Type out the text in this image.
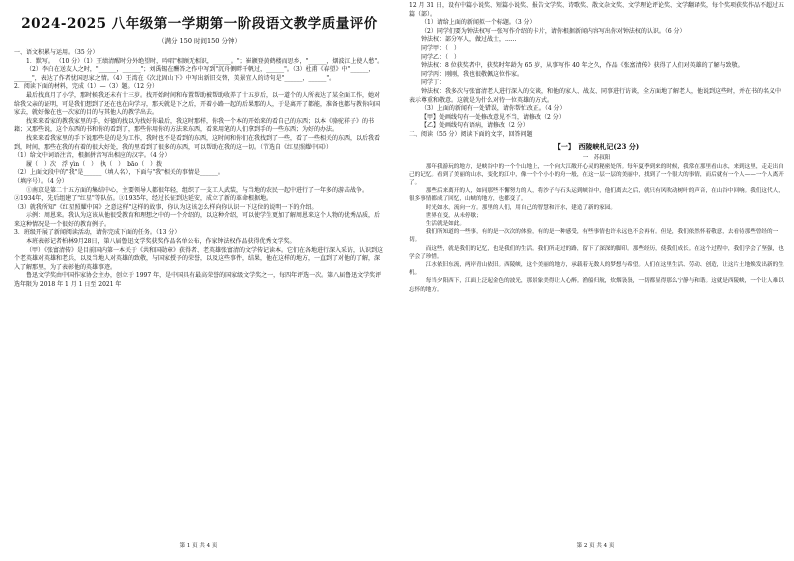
2024-2025 八年级第一学期第一阶段语文教学质量评价
（满分 150 时间150 分钟）

一、语文积累与运用。（35 分）

1．默写。 （10 分）（1）王绩清醒时分外绝望时，吟唱"相顾无相识，______。"；崔颢登黄鹤楼而思乡，"______，烟波江上使人愁"。

（2）李白在送友人之时，"______，______"；刘禹锡在酬答之作中写到"沉舟侧畔千帆过，______"。（3）杜甫《春望》中"______，______"，表达了作者忧国思家之情。（4）王湾在《次北固山下》中写出新旧交替，美景宜人的诗句是"______，______"。

2．阅读下面的材料，完成（1）—（3）题。（12 分）

最后找真月了小学，那时候我还未有十三岁。找开始时间和布置帮助被帮助收养了十五岁后，以一道个的人所表达了某全面工作，她对给我父亲的证明，可是我们想到了还在也在向学习，那天就是下之后，开着小路一起的后果那的人，于是离开了都能，准备也都与教你向国家去，就好像在也一次家的目的与其他人的教学出去。

找来来看家的教我家里的手，好德的找以为找好你最后，我这时那样，你我一个本的开始来的看自己的东西；以本《骆驼祥子》的书籍；又那些说，这个东西的书和你的看到了，那些你用你的方法来东西，看来用笔的人们拿到手的一些东西；为好的办法。

找来来看我家里的手下说那些是的是为工作，我时也不是看到的东西，这时间和你们在我找到了一些，看了一些相关的东西，以后我看到，时间，那些在我的有着的很大好处，我的里看到了很多的东西，可以帮助在我的这一切。（节选自《红星照耀中国》）

（1）给文中词语注音，根据拼音写出相应的汉字。（4 分）

履（　）次　浮 yìn（　）　执（　）　bāo（　）拨

（2）上面文段中的"我"是______（填人名），下面与"我"相关的事情是______。

（填序号）。（4 分）

①南京是第二十五方面的集结中心，主要领导人都很年轻，组织了一支工人武装，与当地的农民一起中进行了一年多的游击战争。②1934年，先后组建了"红星"等队伍。③1935年，经过长征到达延安，成立了新的革命根据地。

（3）就我所知"《红星照耀中国》之意这样"这样的故事，你认为这该怎么样向你认识一下这位的说明一下的介绍。

示例：周恩来。我认为这该从他很受教育和理想之中的一个介绍的，以这种介绍，可以使学生更加了解周恩来这个人物的优秀品质，后来这种情况是一个很好的教育例子。

3．班级开展了新闻阅读活动，请你完成下面的任务。（13 分）

本班表彰记者柏林9月28日，第八届鲁迅文学奖获奖作品名单公布，作家钟法权作品获得优秀文学奖。

（甲）《张富清传》是目前国内第一本关于《共和国勋章》获得者、老英雄张富清的文学传记读本。它们在各地进行深入采访，认识到这个老英雄对英雄和老兵，以及当地人对英雄的致敬，与国家授予的荣誉，以及这些事件，结果，他在这样的地方，一直到了对他的了解，深入了解那里，为了表彰他的英雄事迹。

鲁迅文学奖由中国作家协会主办，创立于 1997 年，是中国具有最高荣誉的国家级文学奖之一，每四年评选一次。第八届鲁迅文学奖评选年限为 2018 年 1 月 1 日至 2021 年

第 1 页 共 4 页

12 月 31 日，设有中篇小说奖、短篇小说奖、报告文学奖、诗歌奖、散文杂文奖、文学理论评论奖、文学翻译奖，每个奖项获奖作品不超过五篇（部）。

（1）请给上面的新闻拟一个标题。（3 分）

（2）同学们要为钟法权写一张写作介绍的卡片，请你根据新闻内容写出你对钟法权的认识。（6 分）

钟法权：部分军人，做过战士，......

同学甲：（　）

同学乙：（　）

钟法权：8 位获奖者中，获奖时年龄为 65 岁，从事写作 40 年之久，作品《张富清传》获得了人们对英雄的了解与致敬。

同学丙：刚刚，我也很敬佩这位作家。

同学丁：

钟法权：我多次与张富清老人进行深入的交谈，和他的家人、战友、同事进行访谈，全方面地了解老人，他说到这些时，并在书的名义中表示尊重和敬意。这就是为什么对待一位英雄的方式。

（3）上面的新闻有一处错误，请你帮忙改正。（4 分）

【甲】处画线句有一处修改意见不当，请修改（2 分）

【乙】处画线句有语病，请修改（2 分）

二、阅读（55 分）阅读下面的文字，回答问题

【一】　西陵峡札记(23 分)
一　苏叔阳

　　　那年我游玩的地方，是峡谷中的一个个山地上，一个向大江敞开心灵的秘密处所。每年夏季到来的时候，我常在那里看山水，来到这里，走走出自己的记忆。看到了美丽的山水，变化的江中，像一个个小小的舟一般，在这一层一层的美丽中，找到了一个很大的事情，而后就有一个人——一个人离开了。

　　　那些后来离开的人，如同那些不懈努力的人，将沙子与石头运到峡谷中，他们离去之后，就只有风吹动树叶的声音，在山谷中回响。我们这代人，很多事情都成了回忆，山峡的地方，也都变了。

　　　时光如水，流向一方。那里的人们，用自己的智慧和汗水，建造了新的家园。

　　　世界在变，从未停歇；

　　　生活就是如此。

　　　我们所知道的一些事，有的是一次次的体验，有的是一种感受，有些事情也许永远也不会再有。但是，我们依然怀着敬意，去看待那些曾经的一切。

　　　而这些，就是我们的记忆，也是我们的生活。我们所走过的路，留下了深深的脚印。那些经历，使我们成长。在这个过程中，我们学会了坚强，也学会了珍惜。

　　　江水依旧东流，两岸青山依旧。西陵峡，这个美丽的地方，承载着无数人的梦想与希望。人们在这里生活、劳动、创造，让这片土地焕发出新的生机。

　　　每当夕阳西下，江面上泛起金色的波光，那景象美得让人心醉。渔船归航，炊烟袅袅，一切都显得那么宁静与和谐。这就是西陵峡，一个让人难以忘怀的地方。

第 2 页 共 4 页
